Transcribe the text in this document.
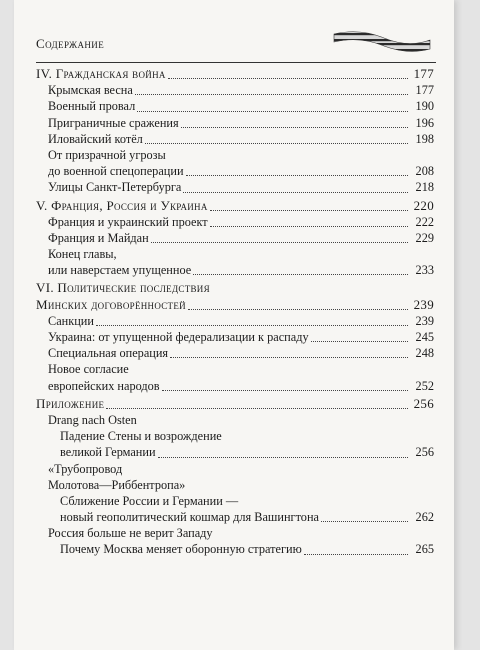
Содержание
IV. Гражданская война	177
Крымская весна	177
Военный провал	190
Приграничные сражения	196
Иловайский котёл	198
От призрачной угрозы
до военной спецоперации	208
Улицы Санкт-Петербурга	218
V. Франция, Россия и Украина	220
Франция и украинский проект	222
Франция и Майдан	229
Конец главы,
или наверстаем упущенное	233
VI. Политические последствия
Минских договорённостей	239
Санкции	239
Украина: от упущенной федерализации к распаду	245
Специальная операция	248
Новое согласие
европейских народов	252
Приложение	256
Drang nach Osten
Падение Стены и возрождение
великой Германии	256
«Трубопровод
Молотова—Риббентропа»
Сближение России и Германии —
новый геополитический кошмар для Вашингтона	262
Россия больше не верит Западу
Почему Москва меняет оборонную стратегию	265
